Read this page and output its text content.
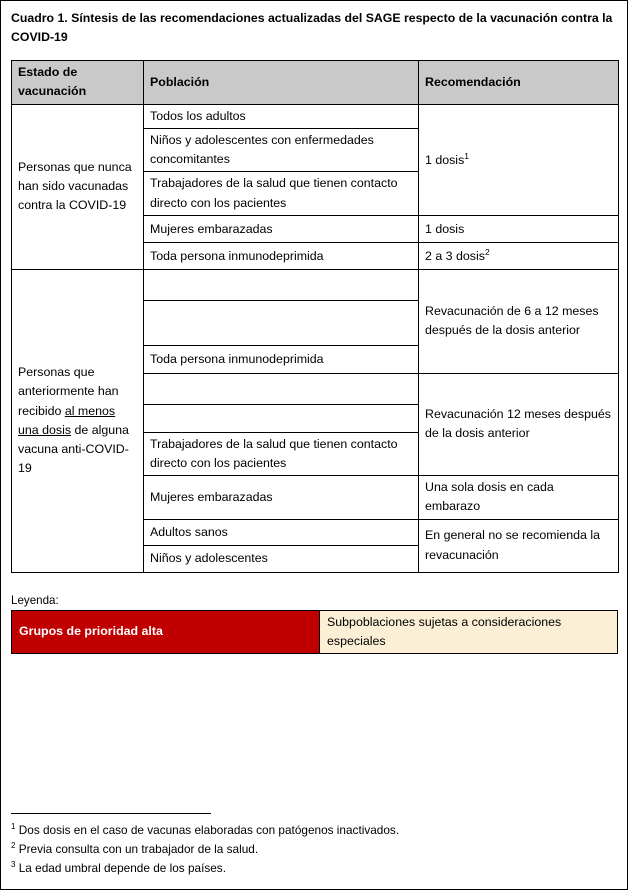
Cuadro 1. Síntesis de las recomendaciones actualizadas del SAGE respecto de la vacunación contra la COVID-19
Estado de vacunación	Población	Recomendación
Personas que nunca han sido vacunadas contra la COVID-19	Todos los adultos	1 dosis$^1$
	Niños y adolescentes con enfermedades concomitantes	
	Trabajadores de la salud que tienen contacto directo con los pacientes	
	Mujeres embarazadas	1 dosis
	Toda persona inmunodeprimida	2 a 3 dosis$^2$
Personas que anteriormente han recibido al menos una dosis de alguna vacuna anti-COVID-19	Mayores de 75 u 80 años3	Revacunación de 6 a 12 meses después de la dosis anterior
	Mayores de 50 o 60 años con enfermedades concomitantes$^3$
	Toda persona inmunodeprimida	
	Mayores de 50 o 60 años3	Revacunación 12 meses después de la dosis anterior
	Adultos con enfermedades concomitantes	
	Trabajadores de la salud que tienen contacto directo con los pacientes	
	Mujeres embarazadas	Una sola dosis en cada embarazo
	Adultos sanos	En general no se recomienda la revacunación
	Niños y adolescentes	
Leyenda:
Grupos de prioridad alta	Subpoblaciones sujetas a consideraciones especiales
$^1$ Dos dosis en el caso de vacunas elaboradas con patógenos inactivados.
$^2$ Previa consulta con un trabajador de la salud.
$^3$ La edad umbral depende de los países.
